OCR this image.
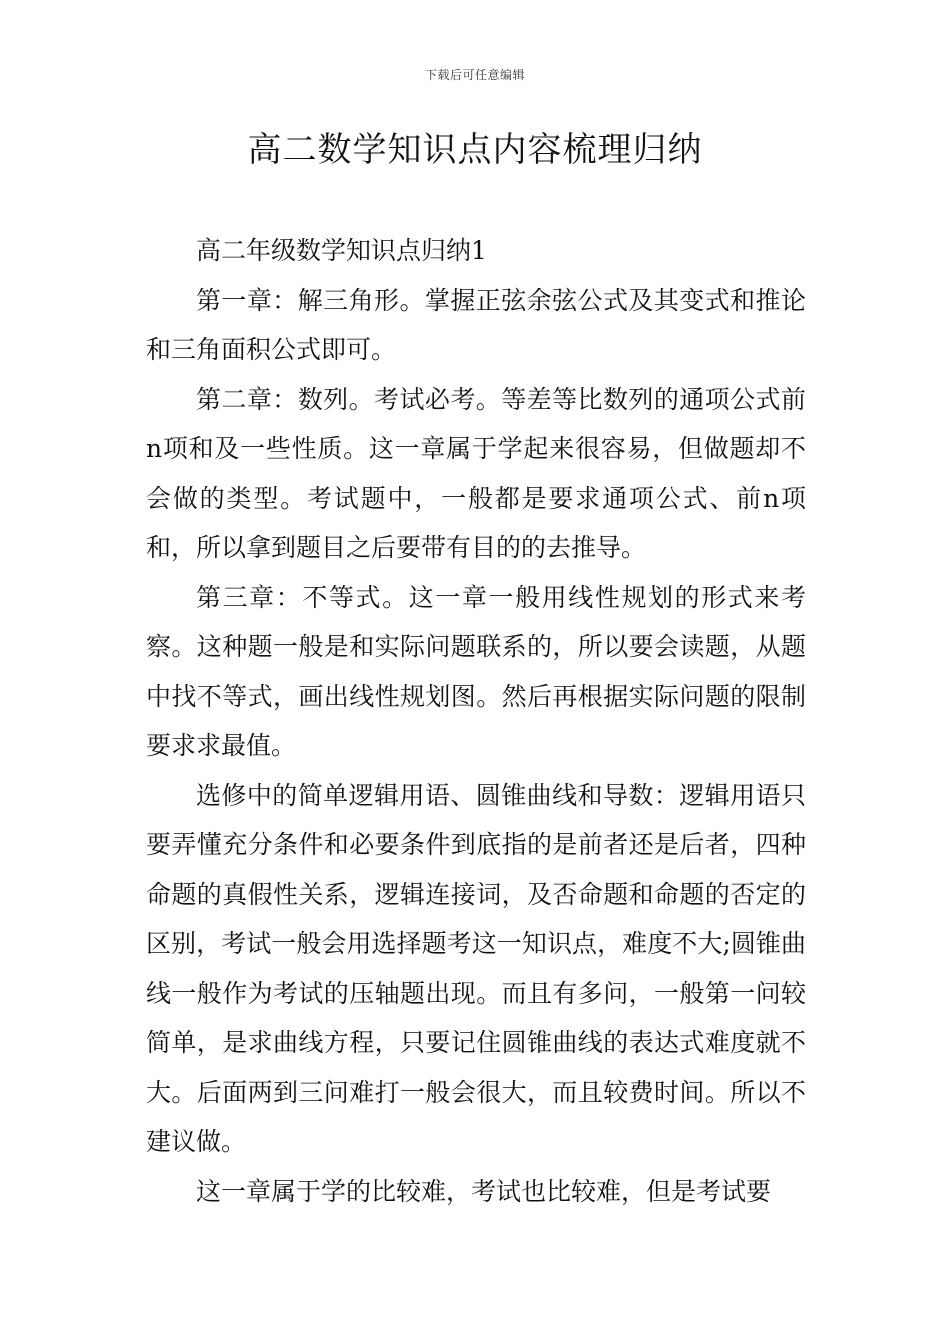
下载后可任意编辑
高二数学知识点内容梳理归纳

高二年级数学知识点归纳1

第一章：解三角形。掌握正弦余弦公式及其变式和推论和三角面积公式即可。

第二章：数列。考试必考。等差等比数列的通项公式前n项和及一些性质。这一章属于学起来很容易，但做题却不会做的类型。考试题中，一般都是要求通项公式、前n项和，所以拿到题目之后要带有目的的去推导。

第三章：不等式。这一章一般用线性规划的形式来考察。这种题一般是和实际问题联系的，所以要会读题，从题中找不等式，画出线性规划图。然后再根据实际问题的限制要求求最值。

选修中的简单逻辑用语、圆锥曲线和导数：逻辑用语只要弄懂充分条件和必要条件到底指的是前者还是后者，四种命题的真假性关系，逻辑连接词，及否命题和命题的否定的区别，考试一般会用选择题考这一知识点，难度不大;圆锥曲线一般作为考试的压轴题出现。而且有多问，一般第一问较简单，是求曲线方程，只要记住圆锥曲线的表达式难度就不大。后面两到三问难打一般会很大，而且较费时间。所以不建议做。

这一章属于学的比较难，考试也比较难，但是考试要
